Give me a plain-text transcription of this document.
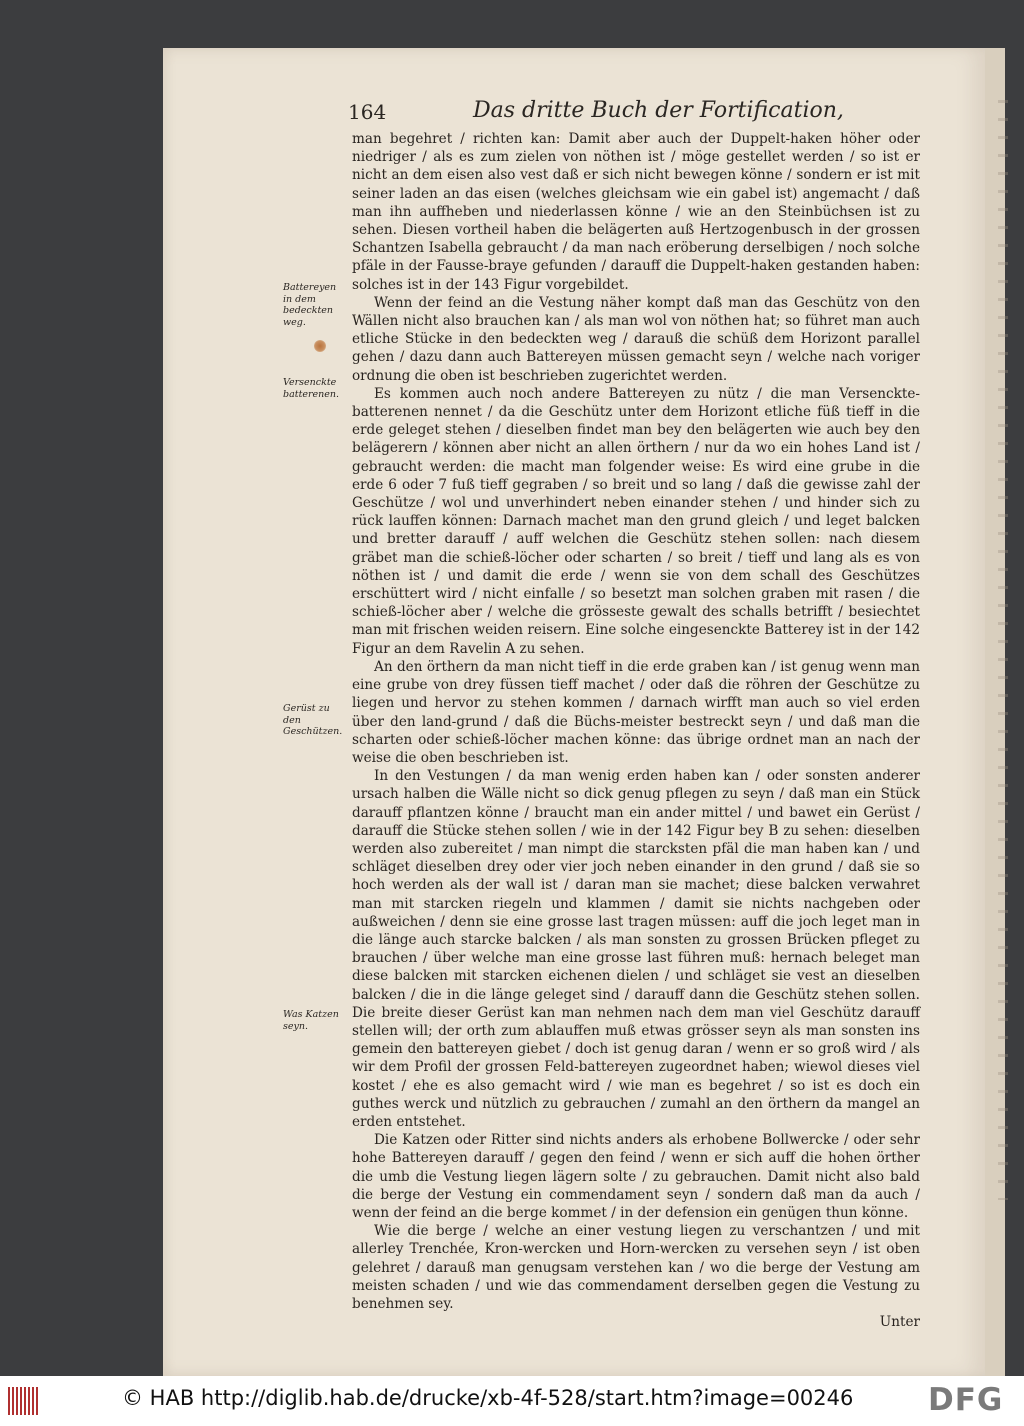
164	Das dritte Buch der Fortification,
Battereyen in dem bedeckten weg.
Versenckte batterenen.
Gerüst zu den Geschützen.
Was Katzen seyn.

man begehret / richten kan: Damit aber auch der Duppelt-haken höher oder niedriger / als es zum zielen von nöthen ist / möge gestellet werden / so ist er nicht an dem eisen also vest daß er sich nicht bewegen könne / sondern er ist mit seiner laden an das eisen (welches gleichsam wie ein gabel ist) angemacht / daß man ihn auffheben und niederlassen könne / wie an den Steinbüchsen ist zu sehen. Diesen vortheil haben die belägerten auß Hertzogenbusch in der grossen Schantzen Isabella gebraucht / da man nach eröberung derselbigen / noch solche pfäle in der Fausse-braye gefunden / darauff die Duppelt-haken gestanden haben: solches ist in der 143 Figur vorgebildet.

Wenn der feind an die Vestung näher kompt daß man das Geschütz von den Wällen nicht also brauchen kan / als man wol von nöthen hat; so führet man auch etliche Stücke in den bedeckten weg / darauß die schüß dem Horizont parallel gehen / dazu dann auch Battereyen müssen gemacht seyn / welche nach voriger ordnung die oben ist beschrieben zugerichtet werden.

Es kommen auch noch andere Battereyen zu nütz / die man Versenckte-batterenen nennet / da die Geschütz unter dem Horizont etliche füß tieff in die erde geleget stehen / dieselben findet man bey den belägerten wie auch bey den belägerern / können aber nicht an allen örthern / nur da wo ein hohes Land ist / gebraucht werden: die macht man folgender weise: Es wird eine grube in die erde 6 oder 7 fuß tieff gegraben / so breit und so lang / daß die gewisse zahl der Geschütze / wol und unverhindert neben einander stehen / und hinder sich zu rück lauffen können: Darnach machet man den grund gleich / und leget balcken und bretter darauff / auff welchen die Geschütz stehen sollen: nach diesem gräbet man die schieß-löcher oder scharten / so breit / tieff und lang als es von nöthen ist / und damit die erde / wenn sie von dem schall des Geschützes erschüttert wird / nicht einfalle / so besetzt man solchen graben mit rasen / die schieß-löcher aber / welche die grösseste gewalt des schalls betrifft / besiechtet man mit frischen weiden reisern. Eine solche eingesenckte Batterey ist in der 142 Figur an dem Ravelin A zu sehen.

An den örthern da man nicht tieff in die erde graben kan / ist genug wenn man eine grube von drey füssen tieff machet / oder daß die röhren der Geschütze zu liegen und hervor zu stehen kommen / darnach wirfft man auch so viel erden über den land-grund / daß die Büchs-meister bestreckt seyn / und daß man die scharten oder schieß-löcher machen könne: das übrige ordnet man an nach der weise die oben beschrieben ist.

In den Vestungen / da man wenig erden haben kan / oder sonsten anderer ursach halben die Wälle nicht so dick genug pflegen zu seyn / daß man ein Stück darauff pflantzen könne / braucht man ein ander mittel / und bawet ein Gerüst / darauff die Stücke stehen sollen / wie in der 142 Figur bey B zu sehen: dieselben werden also zubereitet / man nimpt die starcksten pfäl die man haben kan / und schläget dieselben drey oder vier joch neben einander in den grund / daß sie so hoch werden als der wall ist / daran man sie machet; diese balcken verwahret man mit starcken riegeln und klammen / damit sie nichts nachgeben oder außweichen / denn sie eine grosse last tragen müssen: auff die joch leget man in die länge auch starcke balcken / als man sonsten zu grossen Brücken pfleget zu brauchen / über welche man eine grosse last führen muß: hernach beleget man diese balcken mit starcken eichenen dielen / und schläget sie vest an dieselben balcken / die in die länge geleget sind / darauff dann die Geschütz stehen sollen. Die breite dieser Gerüst kan man nehmen nach dem man viel Geschütz darauff stellen will; der orth zum ablauffen muß etwas grösser seyn als man sonsten ins gemein den battereyen giebet / doch ist genug daran / wenn er so groß wird / als wir dem Profil der grossen Feld-battereyen zugeordnet haben; wiewol dieses viel kostet / ehe es also gemacht wird / wie man es begehret / so ist es doch ein guthes werck und nützlich zu gebrauchen / zumahl an den örthern da mangel an erden entstehet.

Die Katzen oder Ritter sind nichts anders als erhobene Bollwercke / oder sehr hohe Battereyen darauff / gegen den feind / wenn er sich auff die hohen örther die umb die Vestung liegen lägern solte / zu gebrauchen. Damit nicht also bald die berge der Vestung ein commendament seyn / sondern daß man da auch / wenn der feind an die berge kommet / in der defension ein genügen thun könne.

Wie die berge / welche an einer vestung liegen zu verschantzen / und mit allerley Trenchée, Kron-wercken und Horn-wercken zu versehen seyn / ist oben gelehret / darauß man genugsam verstehen kan / wo die berge der Vestung am meisten schaden / und wie das commendament derselben gegen die Vestung zu benehmen sey.

Unter

© HAB http://diglib.hab.de/drucke/xb-4f-528/start.htm?image=00246 DFG
